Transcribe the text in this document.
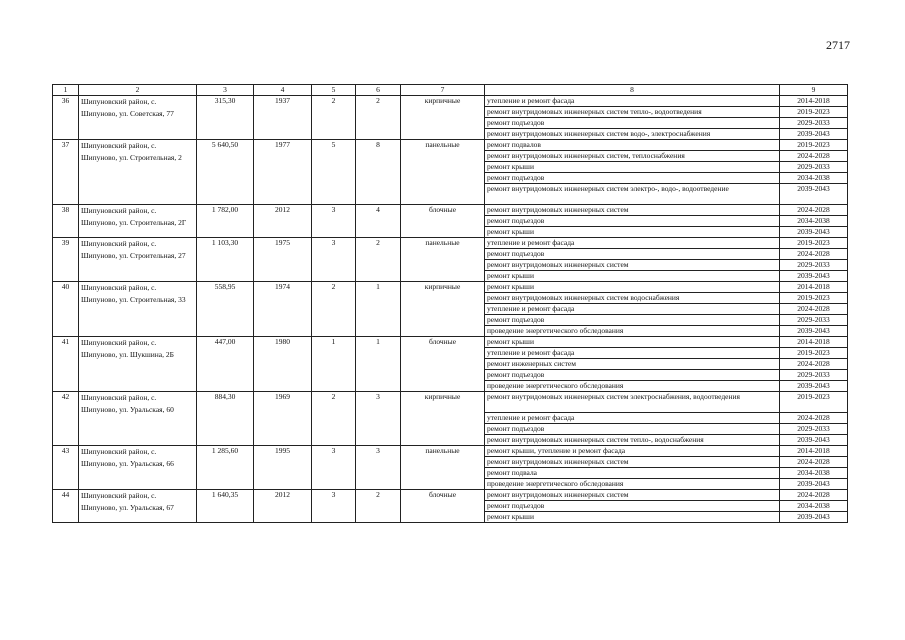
2717
1	2	3	4	5	6	7	8	9
36	Шипуновский район, с. Шипуново, ул. Советская, 77	315,30	1937	2	2	кирпичные	утепление и ремонт фасада	2014-2018
							ремонт внутридомовых инженерных систем тепло-, водоотведения	2019-2023
							ремонт подъездов	2029-2033
							ремонт внутридомовых инженерных систем водо-, электроснабжения	2039-2043
37	Шипуновский район, с. Шипуново, ул. Строительная, 2	5 640,50	1977	5	8	панельные	ремонт подвалов	2019-2023
							ремонт внутридомовых инженерных систем, теплоснабжения	2024-2028
							ремонт крыши	2029-2033
							ремонт подъездов	2034-2038
							ремонт внутридомовых инженерных систем электро-, водо-, водоотведение	2039-2043
38	Шипуновский район, с. Шипуново, ул. Строительная, 2Г	1 782,00	2012	3	4	блочные	ремонт внутридомовых инженерных систем	2024-2028
							ремонт подъездов	2034-2038
							ремонт крыши	2039-2043
39	Шипуновский район, с. Шипуново, ул. Строительная, 27	1 103,30	1975	3	2	панельные	утепление и ремонт фасада	2019-2023
							ремонт подъездов	2024-2028
							ремонт внутридомовых инженерных систем	2029-2033
							ремонт крыши	2039-2043
40	Шипуновский район, с. Шипуново, ул. Строительная, 33	558,95	1974	2	1	кирпичные	ремонт крыши	2014-2018
							ремонт внутридомовых инженерных систем водоснабжения	2019-2023
							утепление и ремонт фасада	2024-2028
							ремонт подъездов	2029-2033
							проведение энергетического обследования	2039-2043
41	Шипуновский район, с. Шипуново, ул. Шукшина, 2Б	447,00	1980	1	1	блочные	ремонт крыши	2014-2018
							утепление и ремонт фасада	2019-2023
							ремонт инженерных систем	2024-2028
							ремонт подъездов	2029-2033
							проведение энергетического обследования	2039-2043
42	Шипуновский район, с. Шипуново, ул. Уральская, 60	884,30	1969	2	3	кирпичные	ремонт внутридомовых инженерных систем электроснабжения, водоотведения	2019-2023
							утепление и ремонт фасада	2024-2028
							ремонт подъездов	2029-2033
							ремонт внутридомовых инженерных систем тепло-, водоснабжения	2039-2043
43	Шипуновский район, с. Шипуново, ул. Уральская, 66	1 285,60	1995	3	3	панельные	ремонт крыши, утепление и ремонт фасада	2014-2018
							ремонт внутридомовых инженерных систем	2024-2028
							ремонт подвала	2034-2038
							проведение энергетического обследования	2039-2043
44	Шипуновский район, с. Шипуново, ул. Уральская, 67	1 640,35	2012	3	2	блочные	ремонт внутридомовых инженерных систем	2024-2028
							ремонт подъездов	2034-2038
							ремонт крыши	2039-2043
